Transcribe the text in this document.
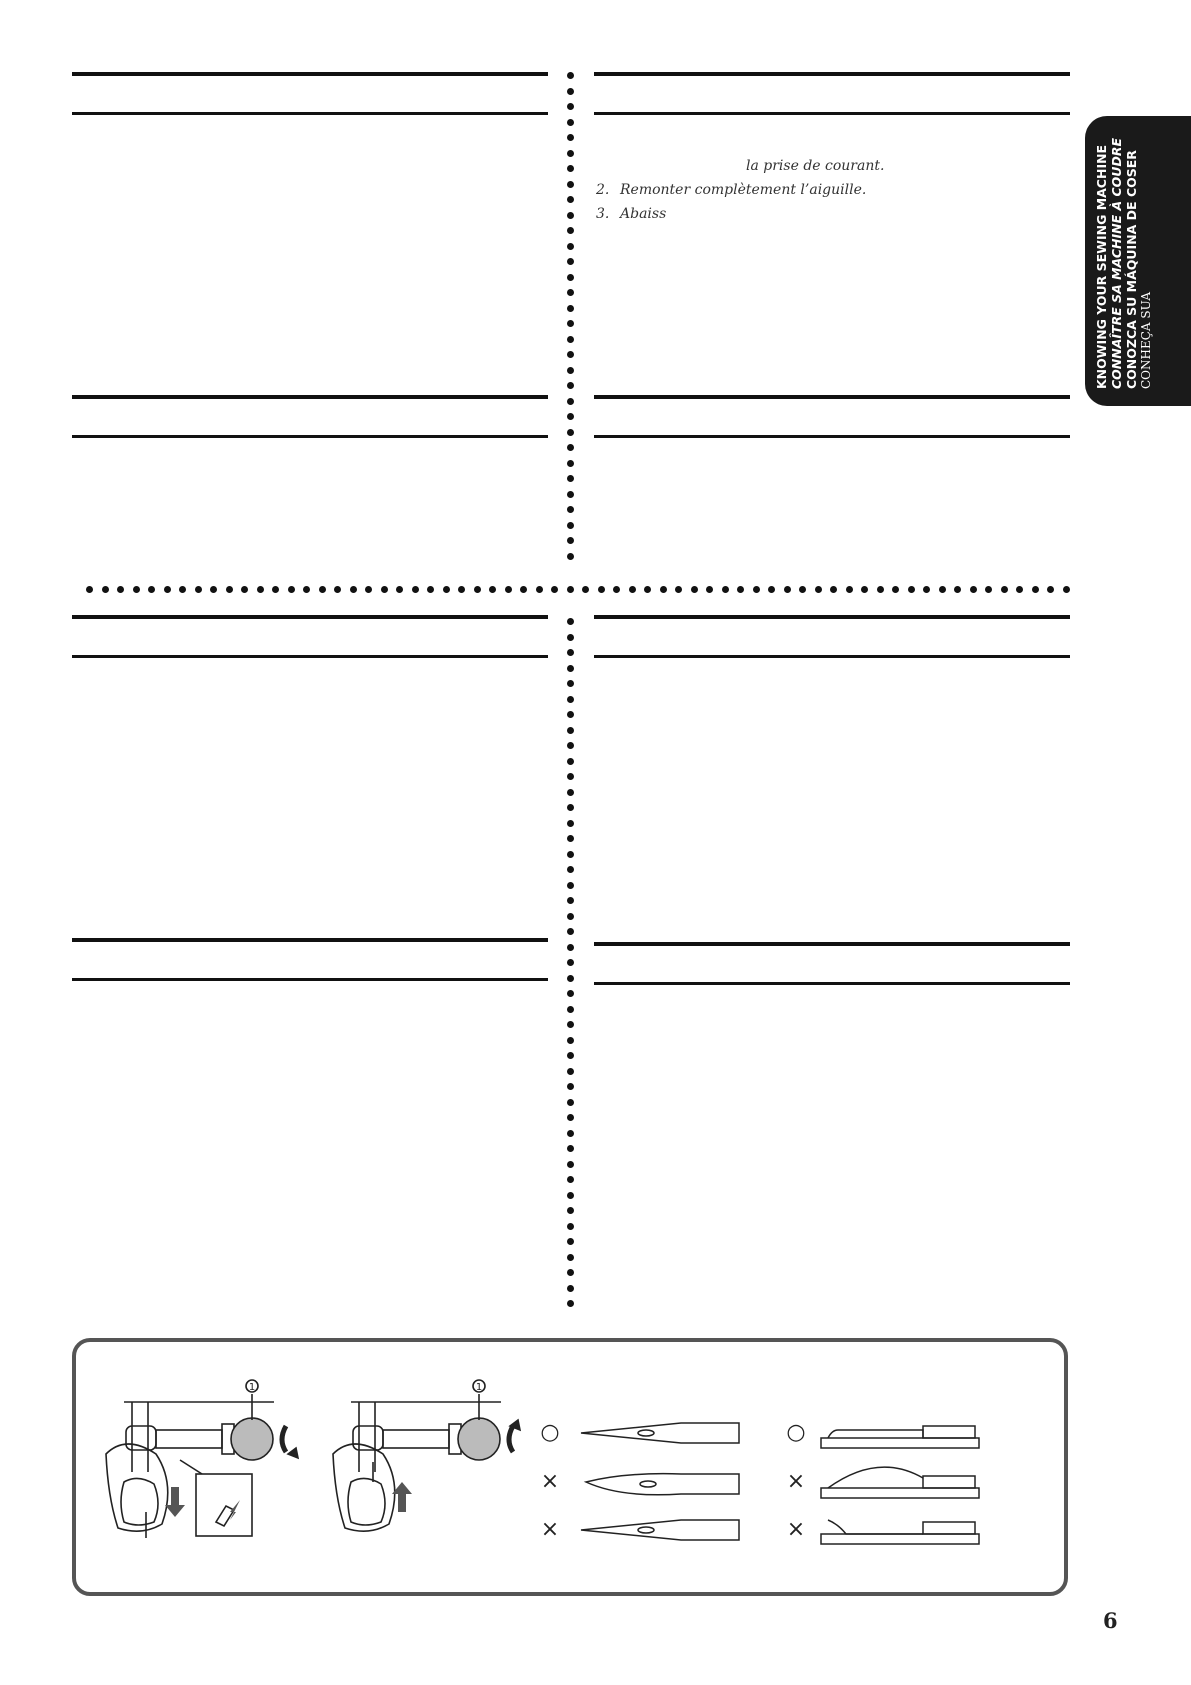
la prise de courant.
2. Remonter complètement l’aiguille.
3. Abaiss	KNOWING YOUR SEWING MACHINE CONNAÎTRE SA MACHINE À COUDRE CONOZCA SU MÁQUINA DE COSER CONHEÇA SUA
1	1
○
×
×
○
×
×
6
